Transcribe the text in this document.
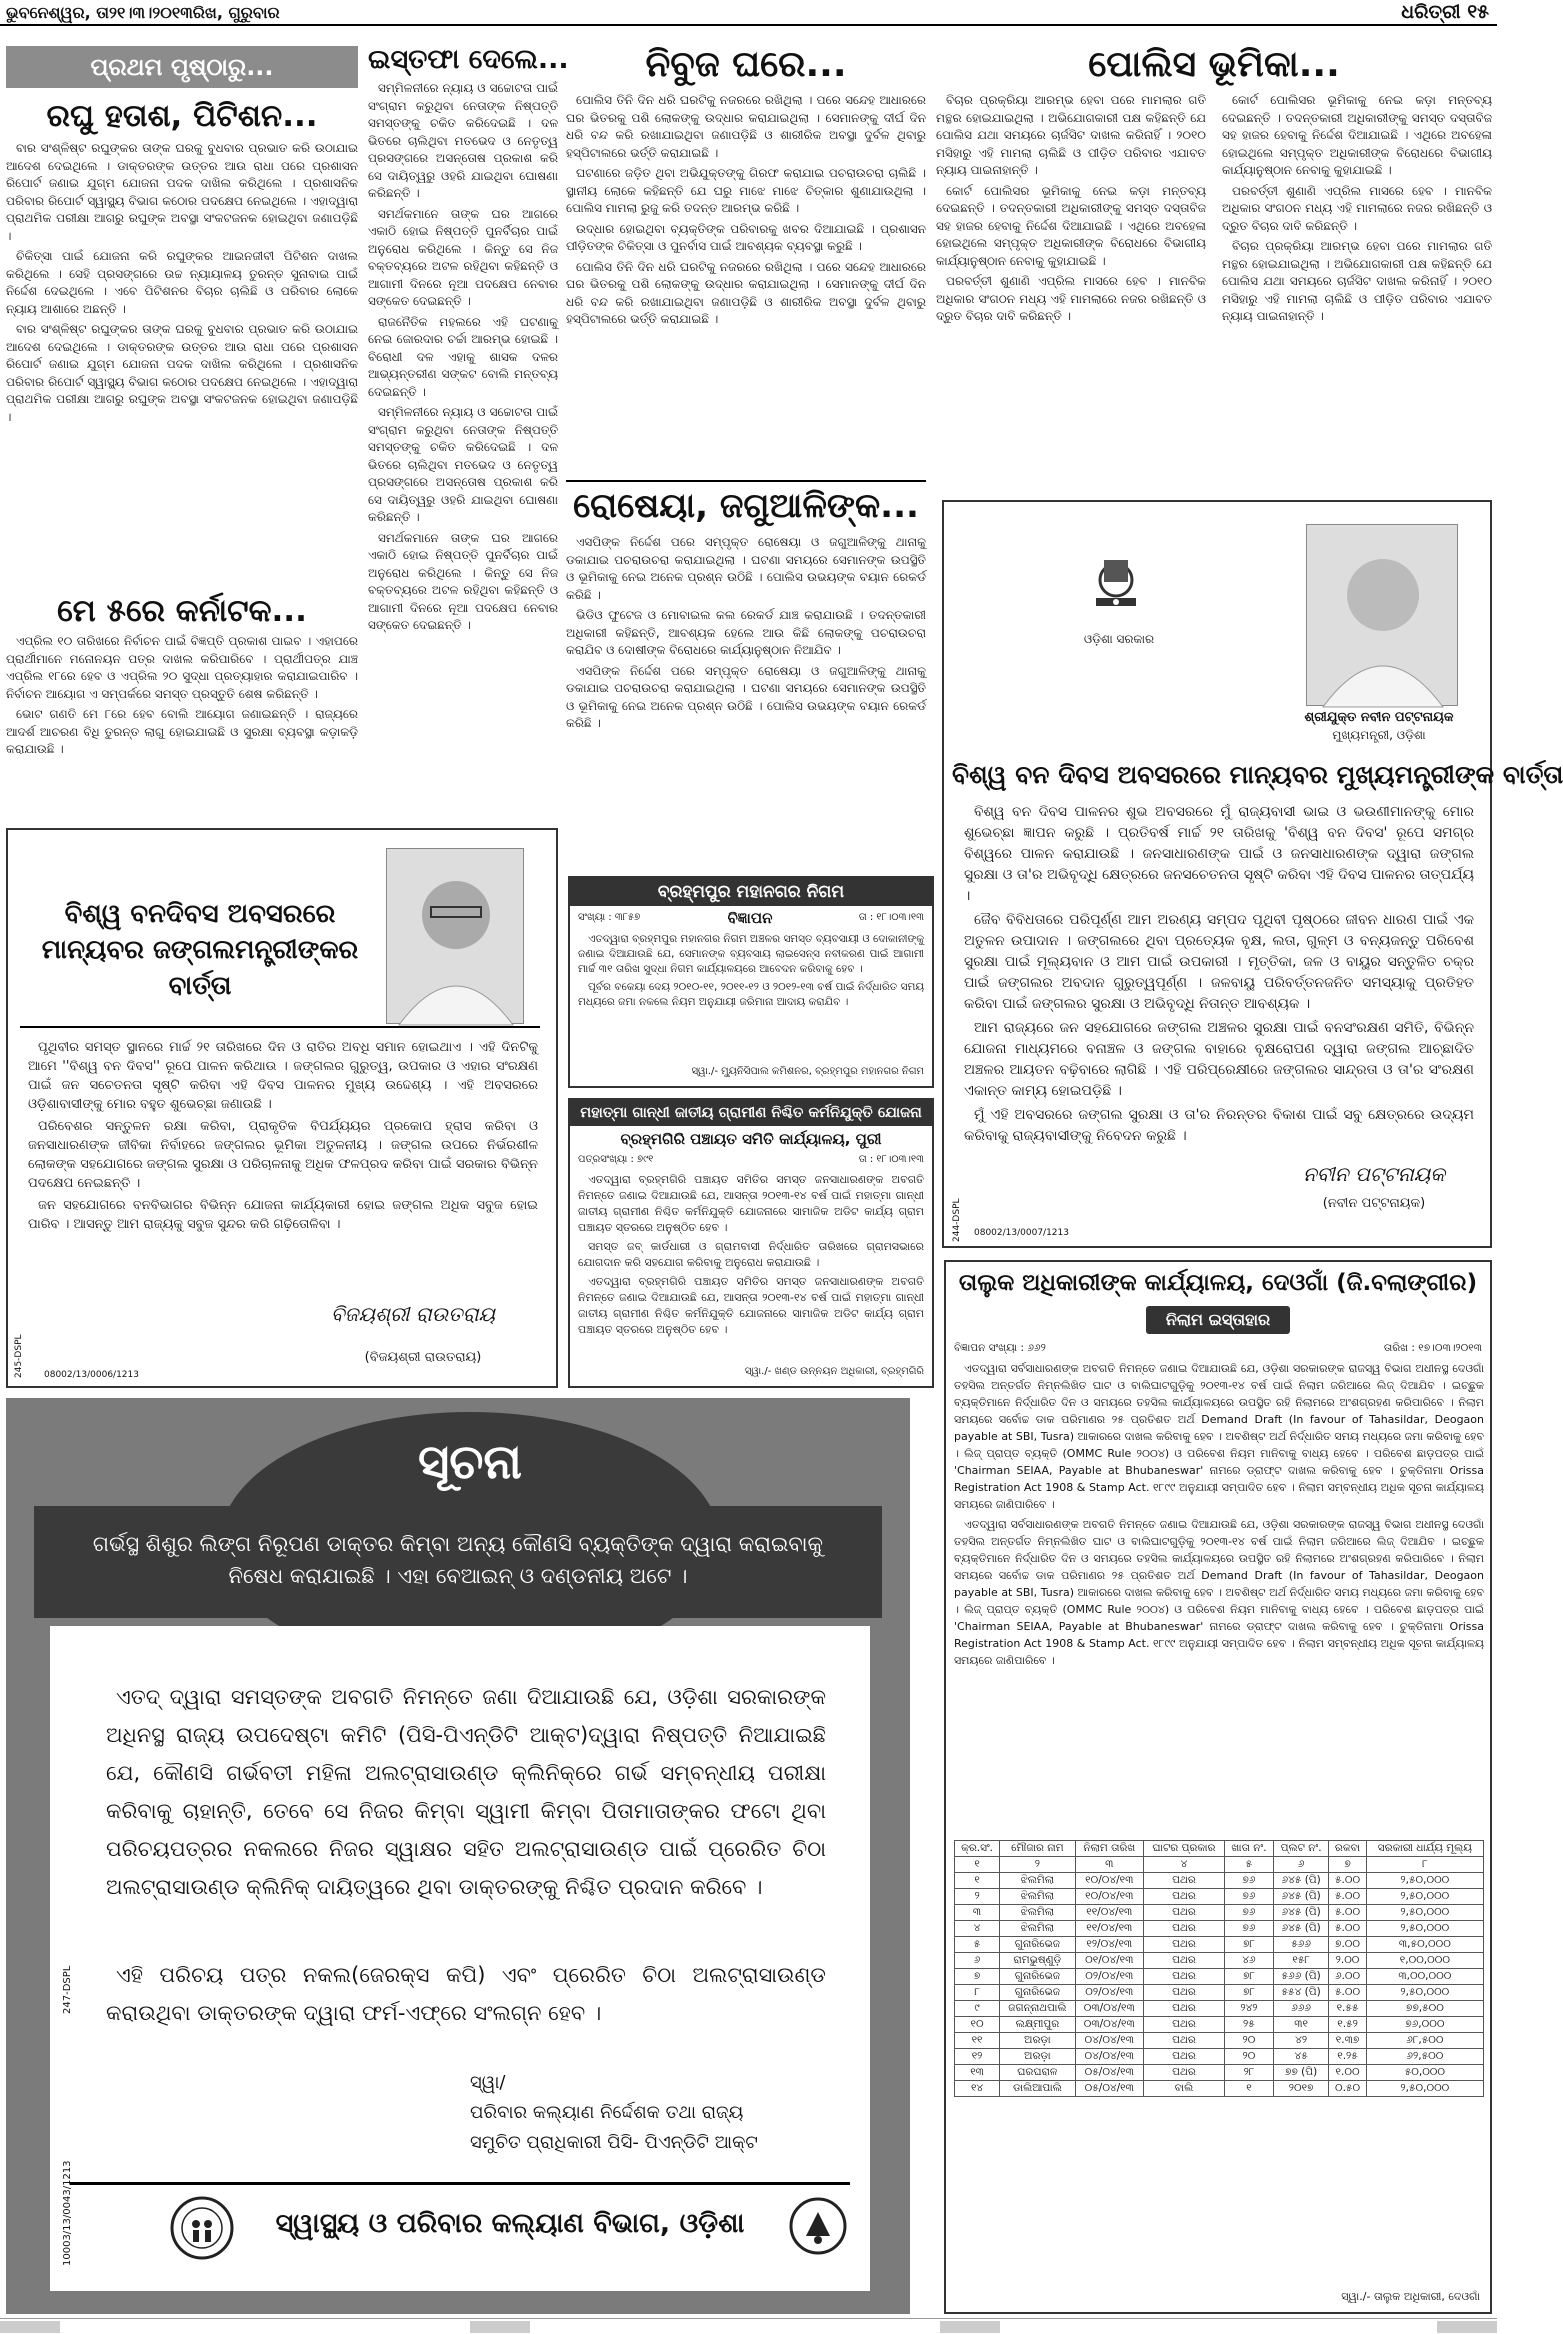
ଭୁବନେଶ୍ୱର, ତା୨୧।୩।୨୦୧୩ରିଖ, ଗୁରୁବାର	ଧରିତ୍ରୀ ୧୫
ପ୍ରଥମ ପୃଷ୍ଠାରୁ...
ରଘୁ ହତାଶ, ପିଟିଶନ...

ବାର ସଂଶ୍ଳିଷ୍ଟ ରଘୁଙ୍କର ତାଙ୍କ ଘରକୁ ବୁଧବାର ପ୍ରଭାତ କରି ଉଠାଯାଇ ଆଦେଶ ଦେଇଥିଲେ । ଡାକ୍ତରଙ୍କ ଉତ୍ତର ଆଉ ରାଧା ପରେ ପ୍ରଶାସନ ରିପୋର୍ଟ ଜଣାଇ ଯୁଗ୍ମ ଯୋଜନା ପଦକ ଦାଖିଲ କରିଥିଲେ । ପ୍ରଶାସନିକ ପରିବାର ରିପୋର୍ଟ ସ୍ୱାସ୍ଥ୍ୟ ବିଭାଗ କଠୋର ପଦକ୍ଷେପ ନେଇଥିଲେ । ଏହାଦ୍ୱାରା ପ୍ରାଥମିକ ପରୀକ୍ଷା ଆଗରୁ ରଘୁଙ୍କ ଅବସ୍ଥା ସଂକଟଜନକ ହୋଇଥିବା ଜଣାପଡ଼ିଛି ।

ଚିକିତ୍ସା ପାଇଁ ଯୋଜନା କରି ରଘୁଙ୍କର ଆଇନଜୀବୀ ପିଟିଶନ ଦାଖଲ କରିଥିଲେ । ସେହି ପ୍ରସଙ୍ଗରେ ଉଚ୍ଚ ନ୍ୟାୟାଳୟ ତୁରନ୍ତ ସୁନାବାଇ ପାଇଁ ନିର୍ଦ୍ଦେଶ ଦେଇଥିଲେ । ଏବେ ପିଟିଶନର ବିଚାର ଚାଲିଛି ଓ ପରିବାର ଲୋକେ ନ୍ୟାୟ ଆଶାରେ ଅଛନ୍ତି ।

ବାର ସଂଶ୍ଳିଷ୍ଟ ରଘୁଙ୍କର ତାଙ୍କ ଘରକୁ ବୁଧବାର ପ୍ରଭାତ କରି ଉଠାଯାଇ ଆଦେଶ ଦେଇଥିଲେ । ଡାକ୍ତରଙ୍କ ଉତ୍ତର ଆଉ ରାଧା ପରେ ପ୍ରଶାସନ ରିପୋର୍ଟ ଜଣାଇ ଯୁଗ୍ମ ଯୋଜନା ପଦକ ଦାଖିଲ କରିଥିଲେ । ପ୍ରଶାସନିକ ପରିବାର ରିପୋର୍ଟ ସ୍ୱାସ୍ଥ୍ୟ ବିଭାଗ କଠୋର ପଦକ୍ଷେପ ନେଇଥିଲେ । ଏହାଦ୍ୱାରା ପ୍ରାଥମିକ ପରୀକ୍ଷା ଆଗରୁ ରଘୁଙ୍କ ଅବସ୍ଥା ସଂକଟଜନକ ହୋଇଥିବା ଜଣାପଡ଼ିଛି ।

ମେ ୫ରେ କର୍ନାଟକ...

ଏପ୍ରିଲ ୧୦ ତାରିଖରେ ନିର୍ବାଚନ ପାଇଁ ବିଜ୍ଞପ୍ତି ପ୍ରକାଶ ପାଇବ । ଏହାପରେ ପ୍ରାର୍ଥୀମାନେ ମନୋନୟନ ପତ୍ର ଦାଖଲ କରିପାରିବେ । ପ୍ରାର୍ଥୀପତ୍ର ଯାଞ୍ଚ ଏପ୍ରିଲ ୧୮ରେ ହେବ ଓ ଏପ୍ରିଲ ୨୦ ସୁଦ୍ଧା ପ୍ରତ୍ୟାହାର କରାଯାଇପାରିବ । ନିର୍ବାଚନ ଆୟୋଗ ଏ ସମ୍ପର୍କରେ ସମସ୍ତ ପ୍ରସ୍ତୁତି ଶେଷ କରିଛନ୍ତି ।

ଭୋଟ ଗଣତି ମେ ୮ରେ ହେବ ବୋଲି ଆୟୋଗ ଜଣାଇଛନ୍ତି । ରାଜ୍ୟରେ ଆଦର୍ଶ ଆଚରଣ ବିଧି ତୁରନ୍ତ ଲାଗୁ ହୋଇଯାଇଛି ଓ ସୁରକ୍ଷା ବ୍ୟବସ୍ଥା କଡ଼ାକଡ଼ି କରାଯାଉଛି ।

ଇସ୍ତଫା ଦେଲେ...

ସମ୍ମିଳନୀରେ ନ୍ୟାୟ ଓ ସଚ୍ଚୋଟତା ପାଇଁ ସଂଗ୍ରାମ କରୁଥିବା ନେତାଙ୍କ ନିଷ୍ପତ୍ତି ସମସ୍ତଙ୍କୁ ଚକିତ କରିଦେଇଛି । ଦଳ ଭିତରେ ଚାଲିଥିବା ମତଭେଦ ଓ ନେତୃତ୍ୱ ପ୍ରସଙ୍ଗରେ ଅସନ୍ତୋଷ ପ୍ରକାଶ କରି ସେ ଦାୟିତ୍ୱରୁ ଓହରି ଯାଇଥିବା ଘୋଷଣା କରିଛନ୍ତି ।

ସମର୍ଥକମାନେ ତାଙ୍କ ଘର ଆଗରେ ଏକାଠି ହୋଇ ନିଷ୍ପତ୍ତି ପୁନର୍ବିଚାର ପାଇଁ ଅନୁରୋଧ କରିଥିଲେ । କିନ୍ତୁ ସେ ନିଜ ବକ୍ତବ୍ୟରେ ଅଟଳ ରହିଥିବା କହିଛନ୍ତି ଓ ଆଗାମୀ ଦିନରେ ନୂଆ ପଦକ୍ଷେପ ନେବାର ସଙ୍କେତ ଦେଇଛନ୍ତି ।

ରାଜନୈତିକ ମହଲରେ ଏହି ଘଟଣାକୁ ନେଇ ଜୋରଦାର ଚର୍ଚ୍ଚା ଆରମ୍ଭ ହୋଇଛି । ବିରୋଧୀ ଦଳ ଏହାକୁ ଶାସକ ଦଳର ଆଭ୍ୟନ୍ତରୀଣ ସଙ୍କଟ ବୋଲି ମନ୍ତବ୍ୟ ଦେଇଛନ୍ତି ।

ସମ୍ମିଳନୀରେ ନ୍ୟାୟ ଓ ସଚ୍ଚୋଟତା ପାଇଁ ସଂଗ୍ରାମ କରୁଥିବା ନେତାଙ୍କ ନିଷ୍ପତ୍ତି ସମସ୍ତଙ୍କୁ ଚକିତ କରିଦେଇଛି । ଦଳ ଭିତରେ ଚାଲିଥିବା ମତଭେଦ ଓ ନେତୃତ୍ୱ ପ୍ରସଙ୍ଗରେ ଅସନ୍ତୋଷ ପ୍ରକାଶ କରି ସେ ଦାୟିତ୍ୱରୁ ଓହରି ଯାଇଥିବା ଘୋଷଣା କରିଛନ୍ତି ।

ସମର୍ଥକମାନେ ତାଙ୍କ ଘର ଆଗରେ ଏକାଠି ହୋଇ ନିଷ୍ପତ୍ତି ପୁନର୍ବିଚାର ପାଇଁ ଅନୁରୋଧ କରିଥିଲେ । କିନ୍ତୁ ସେ ନିଜ ବକ୍ତବ୍ୟରେ ଅଟଳ ରହିଥିବା କହିଛନ୍ତି ଓ ଆଗାମୀ ଦିନରେ ନୂଆ ପଦକ୍ଷେପ ନେବାର ସଙ୍କେତ ଦେଇଛନ୍ତି ।

ନିବୁଜ ଘରେ...

ପୋଲିସ ତିନି ଦିନ ଧରି ଘରଟିକୁ ନଜରରେ ରଖିଥିଲା । ପରେ ସନ୍ଦେହ ଆଧାରରେ ଘର ଭିତରକୁ ପଶି ଲୋକଙ୍କୁ ଉଦ୍ଧାର କରାଯାଇଥିଲା । ସେମାନଙ୍କୁ ଦୀର୍ଘ ଦିନ ଧରି ବନ୍ଦ କରି ରଖାଯାଇଥିବା ଜଣାପଡ଼ିଛି ଓ ଶାରୀରିକ ଅବସ୍ଥା ଦୁର୍ବଳ ଥିବାରୁ ହସ୍ପିଟାଲରେ ଭର୍ତ୍ତି କରାଯାଇଛି ।

ଘଟଣାରେ ଜଡ଼ିତ ଥିବା ଅଭିଯୁକ୍ତଙ୍କୁ ଗିରଫ କରାଯାଇ ପଚରାଉଚରା ଚାଲିଛି । ସ୍ଥାନୀୟ ଲୋକେ କହିଛନ୍ତି ଯେ ଘରୁ ମାଝେ ମାଝେ ଚିତ୍କାର ଶୁଣାଯାଉଥିଲା । ପୋଲିସ ମାମଲା ରୁଜୁ କରି ତଦନ୍ତ ଆରମ୍ଭ କରିଛି ।

ଉଦ୍ଧାର ହୋଇଥିବା ବ୍ୟକ୍ତିଙ୍କ ପରିବାରକୁ ଖବର ଦିଆଯାଇଛି । ପ୍ରଶାସନ ପୀଡ଼ିତଙ୍କ ଚିକିତ୍ସା ଓ ପୁନର୍ବାସ ପାଇଁ ଆବଶ୍ୟକ ବ୍ୟବସ୍ଥା କରୁଛି ।

ପୋଲିସ ତିନି ଦିନ ଧରି ଘରଟିକୁ ନଜରରେ ରଖିଥିଲା । ପରେ ସନ୍ଦେହ ଆଧାରରେ ଘର ଭିତରକୁ ପଶି ଲୋକଙ୍କୁ ଉଦ୍ଧାର କରାଯାଇଥିଲା । ସେମାନଙ୍କୁ ଦୀର୍ଘ ଦିନ ଧରି ବନ୍ଦ କରି ରଖାଯାଇଥିବା ଜଣାପଡ଼ିଛି ଓ ଶାରୀରିକ ଅବସ୍ଥା ଦୁର୍ବଳ ଥିବାରୁ ହସ୍ପିଟାଲରେ ଭର୍ତ୍ତି କରାଯାଇଛି ।

ରୋଷେୟା, ଜଗୁଆଳିଙ୍କ...

ଏସପିଙ୍କ ନିର୍ଦ୍ଦେଶ ପରେ ସମ୍ପୃକ୍ତ ରୋଷେୟା ଓ ଜଗୁଆଳିଙ୍କୁ ଥାନାକୁ ଡକାଯାଇ ପଚରାଉଚରା କରାଯାଇଥିଲା । ଘଟଣା ସମୟରେ ସେମାନଙ୍କ ଉପସ୍ଥିତି ଓ ଭୂମିକାକୁ ନେଇ ଅନେକ ପ୍ରଶ୍ନ ଉଠିଛି । ପୋଲିସ ଉଭୟଙ୍କ ବୟାନ ରେକର୍ଡ କରିଛି ।

ଭିଡିଓ ଫୁଟେଜ ଓ ମୋବାଇଲ କଲ ରେକର୍ଡ ଯାଞ୍ଚ କରାଯାଉଛି । ତଦନ୍ତକାରୀ ଅଧିକାରୀ କହିଛନ୍ତି, ଆବଶ୍ୟକ ହେଲେ ଆଉ କିଛି ଲୋକଙ୍କୁ ପଚରାଉଚରା କରାଯିବ ଓ ଦୋଷୀଙ୍କ ବିରୋଧରେ କାର୍ଯ୍ୟାନୁଷ୍ଠାନ ନିଆଯିବ ।

ଏସପିଙ୍କ ନିର୍ଦ୍ଦେଶ ପରେ ସମ୍ପୃକ୍ତ ରୋଷେୟା ଓ ଜଗୁଆଳିଙ୍କୁ ଥାନାକୁ ଡକାଯାଇ ପଚରାଉଚରା କରାଯାଇଥିଲା । ଘଟଣା ସମୟରେ ସେମାନଙ୍କ ଉପସ୍ଥିତି ଓ ଭୂମିକାକୁ ନେଇ ଅନେକ ପ୍ରଶ୍ନ ଉଠିଛି । ପୋଲିସ ଉଭୟଙ୍କ ବୟାନ ରେକର୍ଡ କରିଛି ।

ପୋଲିସ ଭୂମିକା...

ବିଚାର ପ୍ରକ୍ରିୟା ଆରମ୍ଭ ହେବା ପରେ ମାମଲାର ଗତି ମନ୍ଥର ହୋଇଯାଇଥିଲା । ଅଭିଯୋଗକାରୀ ପକ୍ଷ କହିଛନ୍ତି ଯେ ପୋଲିସ ଯଥା ସମୟରେ ଚାର୍ଜସିଟ ଦାଖଲ କରିନାହିଁ । ୨୦୧୦ ମସିହାରୁ ଏହି ମାମଲା ଚାଲିଛି ଓ ପୀଡ଼ିତ ପରିବାର ଏଯାବତ ନ୍ୟାୟ ପାଇନାହାନ୍ତି ।

କୋର୍ଟ ପୋଲିସର ଭୂମିକାକୁ ନେଇ କଡ଼ା ମନ୍ତବ୍ୟ ଦେଇଛନ୍ତି । ତଦନ୍ତକାରୀ ଅଧିକାରୀଙ୍କୁ ସମସ୍ତ ଦସ୍ତାବିଜ ସହ ହାଜର ହେବାକୁ ନିର୍ଦ୍ଦେଶ ଦିଆଯାଇଛି । ଏଥିରେ ଅବହେଳା ହୋଇଥିଲେ ସମ୍ପୃକ୍ତ ଅଧିକାରୀଙ୍କ ବିରୋଧରେ ବିଭାଗୀୟ କାର୍ଯ୍ୟାନୁଷ୍ଠାନ ନେବାକୁ କୁହାଯାଇଛି ।

ପରବର୍ତ୍ତୀ ଶୁଣାଣି ଏପ୍ରିଲ ମାସରେ ହେବ । ମାନବିକ ଅଧିକାର ସଂଗଠନ ମଧ୍ୟ ଏହି ମାମଲାରେ ନଜର ରଖିଛନ୍ତି ଓ ଦ୍ରୁତ ବିଚାର ଦାବି କରିଛନ୍ତି ।

କୋର୍ଟ ପୋଲିସର ଭୂମିକାକୁ ନେଇ କଡ଼ା ମନ୍ତବ୍ୟ ଦେଇଛନ୍ତି । ତଦନ୍ତକାରୀ ଅଧିକାରୀଙ୍କୁ ସମସ୍ତ ଦସ୍ତାବିଜ ସହ ହାଜର ହେବାକୁ ନିର୍ଦ୍ଦେଶ ଦିଆଯାଇଛି । ଏଥିରେ ଅବହେଳା ହୋଇଥିଲେ ସମ୍ପୃକ୍ତ ଅଧିକାରୀଙ୍କ ବିରୋଧରେ ବିଭାଗୀୟ କାର୍ଯ୍ୟାନୁଷ୍ଠାନ ନେବାକୁ କୁହାଯାଇଛି ।

ପରବର୍ତ୍ତୀ ଶୁଣାଣି ଏପ୍ରିଲ ମାସରେ ହେବ । ମାନବିକ ଅଧିକାର ସଂଗଠନ ମଧ୍ୟ ଏହି ମାମଲାରେ ନଜର ରଖିଛନ୍ତି ଓ ଦ୍ରୁତ ବିଚାର ଦାବି କରିଛନ୍ତି ।

ବିଚାର ପ୍ରକ୍ରିୟା ଆରମ୍ଭ ହେବା ପରେ ମାମଲାର ଗତି ମନ୍ଥର ହୋଇଯାଇଥିଲା । ଅଭିଯୋଗକାରୀ ପକ୍ଷ କହିଛନ୍ତି ଯେ ପୋଲିସ ଯଥା ସମୟରେ ଚାର୍ଜସିଟ ଦାଖଲ କରିନାହିଁ । ୨୦୧୦ ମସିହାରୁ ଏହି ମାମଲା ଚାଲିଛି ଓ ପୀଡ଼ିତ ପରିବାର ଏଯାବତ ନ୍ୟାୟ ପାଇନାହାନ୍ତି ।

ଓଡ଼ିଶା ସରକାର
ଶ୍ରୀଯୁକ୍ତ ନବୀନ ପଟ୍ଟନାୟକ
ମୁଖ୍ୟମନ୍ତ୍ରୀ, ଓଡ଼ିଶା
ବିଶ୍ୱ ବନ ଦିବସ ଅବସରରେ ମାନ୍ୟବର ମୁଖ୍ୟମନ୍ତ୍ରୀଙ୍କ ବାର୍ତ୍ତା

ବିଶ୍ୱ ବନ ଦିବସ ପାଳନର ଶୁଭ ଅବସରରେ ମୁଁ ରାଜ୍ୟବାସୀ ଭାଇ ଓ ଭଉଣୀମାନଙ୍କୁ ମୋର ଶୁଭେଚ୍ଛା ଜ୍ଞାପନ କରୁଛି । ପ୍ରତିବର୍ଷ ମାର୍ଚ୍ଚ ୨୧ ତାରିଖକୁ 'ବିଶ୍ୱ ବନ ଦିବସ' ରୂପେ ସମଗ୍ର ବିଶ୍ୱରେ ପାଳନ କରାଯାଉଛି । ଜନସାଧାରଣଙ୍କ ପାଇଁ ଓ ଜନସାଧାରଣଙ୍କ ଦ୍ୱାରା ଜଙ୍ଗଲ ସୁରକ୍ଷା ଓ ତା'ର ଅଭିବୃଦ୍ଧି କ୍ଷେତ୍ରରେ ଜନସଚେତନତା ସୃଷ୍ଟି କରିବା ଏହି ଦିବସ ପାଳନର ତାତ୍ପର୍ଯ୍ୟ ।

ଜୈବ ବିବିଧତାରେ ପରିପୂର୍ଣ୍ଣ ଆମ ଅରଣ୍ୟ ସମ୍ପଦ ପୃଥିବୀ ପୃଷ୍ଠରେ ଜୀବନ ଧାରଣ ପାଇଁ ଏକ ଅତୁଳନ ଉପାଦାନ । ଜଙ୍ଗଲରେ ଥିବା ପ୍ରତ୍ୟେକ ବୃକ୍ଷ, ଲତା, ଗୁଳ୍ମ ଓ ବନ୍ୟଜନ୍ତୁ ପରିବେଶ ସୁରକ୍ଷା ପାଇଁ ମୂଲ୍ୟବାନ ଓ ଆମ ପାଇଁ ଉପକାରୀ । ମୃତ୍ତିକା, ଜଳ ଓ ବାୟୁର ସନ୍ତୁଳିତ ଚକ୍ର ପାଇଁ ଜଙ୍ଗଲର ଅବଦାନ ଗୁରୁତ୍ୱପୂର୍ଣ୍ଣ । ଜଳବାୟୁ ପରିବର୍ତ୍ତନଜନିତ ସମସ୍ୟାକୁ ପ୍ରତିହତ କରିବା ପାଇଁ ଜଙ୍ଗଲର ସୁରକ୍ଷା ଓ ଅଭିବୃଦ୍ଧି ନିତାନ୍ତ ଆବଶ୍ୟକ ।

ଆମ ରାଜ୍ୟରେ ଜନ ସହଯୋଗରେ ଜଙ୍ଗଲ ଅଞ୍ଚଳର ସୁରକ୍ଷା ପାଇଁ ବନସଂରକ୍ଷଣ ସମିତି, ବିଭିନ୍ନ ଯୋଜନା ମାଧ୍ୟମରେ ବନାଞ୍ଚଳ ଓ ଜଙ୍ଗଲ ବାହାରେ ବୃକ୍ଷରୋପଣ ଦ୍ୱାରା ଜଙ୍ଗଲ ଆଚ୍ଛାଦିତ ଅଞ୍ଚଳର ଆୟତନ ବଢ଼ିବାରେ ଲାଗିଛି । ଏହି ପରିପ୍ରେକ୍ଷୀରେ ଜଙ୍ଗଲର ସାନ୍ଦ୍ରତା ଓ ତା'ର ସଂରକ୍ଷଣ ଏକାନ୍ତ କାମ୍ୟ ହୋଇପଡ଼ିଛି ।

ମୁଁ ଏହି ଅବସରରେ ଜଙ୍ଗଲ ସୁରକ୍ଷା ଓ ତା'ର ନିରନ୍ତର ବିକାଶ ପାଇଁ ସବୁ କ୍ଷେତ୍ରରେ ଉଦ୍ୟମ କରିବାକୁ ରାଜ୍ୟବାସୀଙ୍କୁ ନିବେଦନ କରୁଛି ।

ନବୀନ ପଟ୍ଟନାୟକ
(ନବୀନ ପଟ୍ଟନାୟକ)
08002/13/0007/1213
244-DSPL
ବିଶ୍ୱ ବନଦିବସ ଅବସରରେ ମାନ୍ୟବର ଜଙ୍ଗଲମନ୍ତ୍ରୀଙ୍କର ବାର୍ତ୍ତା

ପୃଥିବୀର ସମସ୍ତ ସ୍ଥାନରେ ମାର୍ଚ୍ଚ ୨୧ ତାରିଖରେ ଦିନ ଓ ରାତିର ଅବଧି ସମାନ ହୋଇଥାଏ । ଏହି ଦିନଟିକୁ ଆମେ ''ବିଶ୍ୱ ବନ ଦିବସ'' ରୂପେ ପାଳନ କରିଥାଉ । ଜଙ୍ଗଲର ଗୁରୁତ୍ୱ, ଉପକାର ଓ ଏହାର ସଂରକ୍ଷଣ ପାଇଁ ଜନ ସଚେତନତା ସୃଷ୍ଟି କରିବା ଏହି ଦିବସ ପାଳନର ମୁଖ୍ୟ ଉଦ୍ଦେଶ୍ୟ । ଏହି ଅବସରରେ ଓଡ଼ିଶାବାସୀଙ୍କୁ ମୋର ବହୁତ ଶୁଭେଚ୍ଛା ଜଣାଉଛି ।

ପରିବେଶର ସନ୍ତୁଳନ ରକ୍ଷା କରିବା, ପ୍ରାକୃତିକ ବିପର୍ଯ୍ୟୟର ପ୍ରକୋପ ହ୍ରାସ କରିବା ଓ ଜନସାଧାରଣଙ୍କ ଜୀବିକା ନିର୍ବାହରେ ଜଙ୍ଗଲର ଭୂମିକା ଅତୁଳନୀୟ । ଜଙ୍ଗଲ ଉପରେ ନିର୍ଭରଶୀଳ ଲୋକଙ୍କ ସହଯୋଗରେ ଜଙ୍ଗଲ ସୁରକ୍ଷା ଓ ପରିଚାଳନାକୁ ଅଧିକ ଫଳପ୍ରଦ କରିବା ପାଇଁ ସରକାର ବିଭିନ୍ନ ପଦକ୍ଷେପ ନେଇଛନ୍ତି ।

ଜନ ସହଯୋଗରେ ବନବିଭାଗର ବିଭିନ୍ନ ଯୋଜନା କାର୍ଯ୍ୟକାରୀ ହୋଇ ଜଙ୍ଗଲ ଅଧିକ ସବୁଜ ହୋଇ ପାରିବ । ଆସନ୍ତୁ ଆମ ରାଜ୍ୟକୁ ସବୁଜ ସୁନ୍ଦର କରି ଗଢ଼ିତୋଳିବା ।

ବିଜୟଶ୍ରୀ ରାଉତରାୟ
(ବିଜୟଶ୍ରୀ ରାଉତରାୟ)
08002/13/0006/1213
245-DSPL
ବ୍ରହ୍ମପୁର ମହାନଗର ନିଗମ
ସଂଖ୍ୟା : ୩୮୫୭	ବିଜ୍ଞାପନ	ତା : ୧୮।୦୩।୧୩

ଏତଦ୍ୱାରା ବ୍ରହ୍ମପୁର ମହାନଗର ନିଗମ ଅଞ୍ଚଳର ସମସ୍ତ ବ୍ୟବସାୟୀ ଓ ଦୋକାନୀଙ୍କୁ ଜଣାଇ ଦିଆଯାଉଛି ଯେ, ସେମାନଙ୍କ ବ୍ୟବସାୟ ଲାଇସେନ୍ସ ନବୀକରଣ ପାଇଁ ଆଗାମୀ ମାର୍ଚ୍ଚ ୩୧ ତାରିଖ ସୁଦ୍ଧା ନିଗମ କାର୍ଯ୍ୟାଳୟରେ ଆବେଦନ କରିବାକୁ ହେବ ।

ପୂର୍ବର ବକେୟା ଦେୟ ୨୦୧୦-୧୧, ୨୦୧୧-୧୨ ଓ ୨୦୧୨-୧୩ ବର୍ଷ ପାଇଁ ନିର୍ଦ୍ଧାରିତ ସମୟ ମଧ୍ୟରେ ଜମା ନକଲେ ନିୟମ ଅନୁଯାୟୀ ଜରିମାନା ଆଦାୟ କରାଯିବ ।

ସ୍ୱା./- ମ୍ୟୁନିସିପାଲ କମିଶନର, ବ୍ରହ୍ମପୁର ମହାନଗର ନିଗମ
ମହାତ୍ମା ଗାନ୍ଧୀ ଜାତୀୟ ଗ୍ରାମୀଣ ନିଶ୍ଚିତ କର୍ମନିଯୁକ୍ତି ଯୋଜନା
ବ୍ରହ୍ମଗିରି ପଞ୍ଚାୟତ ସମିତି କାର୍ଯ୍ୟାଳୟ, ପୁରୀ
ପତ୍ରସଂଖ୍ୟା : ୭୯୧	ତା : ୧୮।୦୩।୧୩

ଏତଦ୍ୱାରା ବ୍ରହ୍ମଗିରି ପଞ୍ଚାୟତ ସମିତିର ସମସ୍ତ ଜନସାଧାରଣଙ୍କ ଅବଗତି ନିମନ୍ତେ ଜଣାଇ ଦିଆଯାଉଛି ଯେ, ଆସନ୍ତା ୨୦୧୩-୧୪ ବର୍ଷ ପାଇଁ ମହାତ୍ମା ଗାନ୍ଧୀ ଜାତୀୟ ଗ୍ରାମୀଣ ନିଶ୍ଚିତ କର୍ମନିଯୁକ୍ତି ଯୋଜନାରେ ସାମାଜିକ ଅଡିଟ କାର୍ଯ୍ୟ ଗ୍ରାମ ପଞ୍ଚାୟତ ସ୍ତରରେ ଅନୁଷ୍ଠିତ ହେବ ।

ସମସ୍ତ ଜବ୍ କାର୍ଡଧାରୀ ଓ ଗ୍ରାମବାସୀ ନିର୍ଦ୍ଧାରିତ ତାରିଖରେ ଗ୍ରାମସଭାରେ ଯୋଗଦାନ କରି ସହଯୋଗ କରିବାକୁ ଅନୁରୋଧ କରାଯାଉଛି ।

ଏତଦ୍ୱାରା ବ୍ରହ୍ମଗିରି ପଞ୍ଚାୟତ ସମିତିର ସମସ୍ତ ଜନସାଧାରଣଙ୍କ ଅବଗତି ନିମନ୍ତେ ଜଣାଇ ଦିଆଯାଉଛି ଯେ, ଆସନ୍ତା ୨୦୧୩-୧୪ ବର୍ଷ ପାଇଁ ମହାତ୍ମା ଗାନ୍ଧୀ ଜାତୀୟ ଗ୍ରାମୀଣ ନିଶ୍ଚିତ କର୍ମନିଯୁକ୍ତି ଯୋଜନାରେ ସାମାଜିକ ଅଡିଟ କାର୍ଯ୍ୟ ଗ୍ରାମ ପଞ୍ଚାୟତ ସ୍ତରରେ ଅନୁଷ୍ଠିତ ହେବ ।

ସ୍ୱା./- ଖଣ୍ଡ ଉନ୍ନୟନ ଅଧିକାରୀ, ବ୍ରହ୍ମଗିରି
ସୂଚନା
ଗର୍ଭସ୍ଥ ଶିଶୁର ଲିଙ୍ଗ ନିରୂପଣ ଡାକ୍ତର କିମ୍ବା ଅନ୍ୟ କୌଣସି ବ୍ୟକ୍ତିଙ୍କ ଦ୍ୱାରା କରାଇବାକୁ ନିଷେଧ କରାଯାଇଛି । ଏହା ବେଆଇନ୍ ଓ ଦଣ୍ଡନୀୟ ଅଟେ ।

ଏତଦ୍ ଦ୍ୱାରା ସମସ୍ତଙ୍କ ଅବଗତି ନିମନ୍ତେ ଜଣା ଦିଆଯାଉଛି ଯେ, ଓଡ଼ିଶା ସରକାରଙ୍କ ଅଧିନସ୍ଥ ରାଜ୍ୟ ଉପଦେଷ୍ଟା କମିଟି (ପିସି-ପିଏନ୍‌ଡିଟି ଆକ୍ଟ)ଦ୍ୱାରା ନିଷ୍ପତ୍ତି ନିଆଯାଇଛି ଯେ, କୌଣସି ଗର୍ଭବତୀ ମହିଳା ଅଲଟ୍ରାସାଉଣ୍ଡ କ୍ଲିନିକ୍‌ରେ ଗର୍ଭ ସମ୍ବନ୍ଧୀୟ ପରୀକ୍ଷା କରିବାକୁ ଚାହାନ୍ତି, ତେବେ ସେ ନିଜର କିମ୍ବା ସ୍ୱାମୀ କିମ୍ବା ପିତାମାତାଙ୍କର ଫଟୋ ଥିବା ପରିଚୟପତ୍ରର ନକଲରେ ନିଜର ସ୍ୱାକ୍ଷର ସହିତ ଅଲଟ୍ରାସାଉଣ୍ଡ ପାଇଁ ପ୍ରେରିତ ଚିଠା ଅଲଟ୍ରାସାଉଣ୍ଡ କ୍ଲିନିକ୍ ଦାୟିତ୍ୱରେ ଥିବା ଡାକ୍ତରଙ୍କୁ ନିଶ୍ଚିତ ପ୍ରଦାନ କରିବେ ।

ଏହି ପରିଚୟ ପତ୍ର ନକଲ(ଜେରକ୍ସ କପି) ଏବଂ ପ୍ରେରିତ ଚିଠା ଅଲଟ୍ରାସାଉଣ୍ଡ କରାଉଥିବା ଡାକ୍ତରଙ୍କ ଦ୍ୱାରା ଫର୍ମ-ଏଫ୍‌ରେ ସଂଲଗ୍ନ ହେବ ।

ସ୍ୱା/
ପରିବାର କଲ୍ୟାଣ ନିର୍ଦ୍ଦେଶକ ତଥା ରାଜ୍ୟ
ସମୁଚିତ ପ୍ରାଧିକାରୀ ପିସି- ପିଏନ୍‌ଡିଟି ଆକ୍ଟ
ସ୍ୱାସ୍ଥ୍ୟ ଓ ପରିବାର କଲ୍ୟାଣ ବିଭାଗ, ଓଡ଼ିଶା
247-DSPL
10003/13/0043/1213
ତାଲୁକ ଅଧିକାରୀଙ୍କ କାର୍ଯ୍ୟାଳୟ, ଦେଓଗାଁ (ଜି.ବଲାଙ୍ଗୀର)
ନିଲାମ ଇସ୍ତାହାର
ବିଜ୍ଞାପନ ସଂଖ୍ୟା : ୬୬୨	ତାରିଖ : ୧୭।୦୩।୨୦୧୩

ଏତଦ୍ୱାରା ସର୍ବସାଧାରଣଙ୍କ ଅବଗତି ନିମନ୍ତେ ଜଣାଇ ଦିଆଯାଉଛି ଯେ, ଓଡ଼ିଶା ସରକାରଙ୍କ ରାଜସ୍ୱ ବିଭାଗ ଅଧୀନସ୍ଥ ଦେଓଗାଁ ତହସିଲ ଅନ୍ତର୍ଗତ ନିମ୍ନଲିଖିତ ଘାଟ ଓ ବାଲିଘାଟଗୁଡ଼ିକୁ ୨୦୧୩-୧୪ ବର୍ଷ ପାଇଁ ନିଲାମ ଜରିଆରେ ଲିଜ୍ ଦିଆଯିବ । ଇଚ୍ଛୁକ ବ୍ୟକ୍ତିମାନେ ନିର୍ଦ୍ଧାରିତ ଦିନ ଓ ସମୟରେ ତହସିଲ କାର୍ଯ୍ୟାଳୟରେ ଉପସ୍ଥିତ ରହି ନିଲାମରେ ଅଂଶଗ୍ରହଣ କରିପାରିବେ । ନିଲାମ ସମୟରେ ସର୍ବୋଚ୍ଚ ଡାକ ପରିମାଣର ୨୫ ପ୍ରତିଶତ ଅର୍ଥ Demand Draft (In favour of Tahasildar, Deogaon payable at SBI, Tusra) ଆକାରରେ ଦାଖଲ କରିବାକୁ ହେବ । ଅବଶିଷ୍ଟ ଅର୍ଥ ନିର୍ଦ୍ଧାରିତ ସମୟ ମଧ୍ୟରେ ଜମା କରିବାକୁ ହେବ । ଲିଜ୍ ପ୍ରାପ୍ତ ବ୍ୟକ୍ତି (OMMC Rule ୨୦୦୪) ଓ ପରିବେଶ ନିୟମ ମାନିବାକୁ ବାଧ୍ୟ ହେବେ । ପରିବେଶ ଛାଡ଼ପତ୍ର ପାଇଁ 'Chairman SEIAA, Payable at Bhubaneswar' ନାମରେ ଡ୍ରାଫ୍ଟ ଦାଖଲ କରିବାକୁ ହେବ । ଚୁକ୍ତିନାମା Orissa Registration Act 1908 & Stamp Act. ୧୮୯୯ ଅନୁଯାୟୀ ସମ୍ପାଦିତ ହେବ । ନିଲାମ ସମ୍ବନ୍ଧୀୟ ଅଧିକ ସୂଚନା କାର୍ଯ୍ୟାଳୟ ସମୟରେ ଜାଣିପାରିବେ ।

ଏତଦ୍ୱାରା ସର୍ବସାଧାରଣଙ୍କ ଅବଗତି ନିମନ୍ତେ ଜଣାଇ ଦିଆଯାଉଛି ଯେ, ଓଡ଼ିଶା ସରକାରଙ୍କ ରାଜସ୍ୱ ବିଭାଗ ଅଧୀନସ୍ଥ ଦେଓଗାଁ ତହସିଲ ଅନ୍ତର୍ଗତ ନିମ୍ନଲିଖିତ ଘାଟ ଓ ବାଲିଘାଟଗୁଡ଼ିକୁ ୨୦୧୩-୧୪ ବର୍ଷ ପାଇଁ ନିଲାମ ଜରିଆରେ ଲିଜ୍ ଦିଆଯିବ । ଇଚ୍ଛୁକ ବ୍ୟକ୍ତିମାନେ ନିର୍ଦ୍ଧାରିତ ଦିନ ଓ ସମୟରେ ତହସିଲ କାର୍ଯ୍ୟାଳୟରେ ଉପସ୍ଥିତ ରହି ନିଲାମରେ ଅଂଶଗ୍ରହଣ କରିପାରିବେ । ନିଲାମ ସମୟରେ ସର୍ବୋଚ୍ଚ ଡାକ ପରିମାଣର ୨୫ ପ୍ରତିଶତ ଅର୍ଥ Demand Draft (In favour of Tahasildar, Deogaon payable at SBI, Tusra) ଆକାରରେ ଦାଖଲ କରିବାକୁ ହେବ । ଅବଶିଷ୍ଟ ଅର୍ଥ ନିର୍ଦ୍ଧାରିତ ସମୟ ମଧ୍ୟରେ ଜମା କରିବାକୁ ହେବ । ଲିଜ୍ ପ୍ରାପ୍ତ ବ୍ୟକ୍ତି (OMMC Rule ୨୦୦୪) ଓ ପରିବେଶ ନିୟମ ମାନିବାକୁ ବାଧ୍ୟ ହେବେ । ପରିବେଶ ଛାଡ଼ପତ୍ର ପାଇଁ 'Chairman SEIAA, Payable at Bhubaneswar' ନାମରେ ଡ୍ରାଫ୍ଟ ଦାଖଲ କରିବାକୁ ହେବ । ଚୁକ୍ତିନାମା Orissa Registration Act 1908 & Stamp Act. ୧୮୯୯ ଅନୁଯାୟୀ ସମ୍ପାଦିତ ହେବ । ନିଲାମ ସମ୍ବନ୍ଧୀୟ ଅଧିକ ସୂଚନା କାର୍ଯ୍ୟାଳୟ ସମୟରେ ଜାଣିପାରିବେ ।

କ୍ର.ସଂ.	ମୌଜାର ନାମ	ନିଲାମ ତାରିଖ	ଘାଟର ପ୍ରକାର	ଖାତା ନଂ.	ପ୍ଲଟ ନଂ.	ରକବା	ସରକାରୀ ଧାର୍ଯ୍ୟ ମୂଲ୍ୟ
୧	୨	୩	୪	୫	୬	୭	୮
୧	ଝିଲମିଲା	୧୦/୦୪/୧୩	ପଥର	୭୬	୬୪୫ (ପି)	୫.୦୦	୨,୫୦,୦୦୦
୨	ଝିଲମିଲା	୧୦/୦୪/୧୩	ପଥର	୭୬	୬୪୫ (ପି)	୫.୦୦	୨,୫୦,୦୦୦
୩	ଝିଲମିଲା	୧୧/୦୪/୧୩	ପଥର	୭୬	୬୪୫ (ପି)	୫.୦୦	୨,୫୦,୦୦୦
୪	ଝିଲମିଲା	୧୧/୦୪/୧୩	ପଥର	୭୬	୬୪୫ (ପି)	୫.୦୦	୨,୫୦,୦୦୦
୫	ଗୁନାରିଭେଜ	୧୨/୦୪/୧୩	ପଥର	୭୮	୫୬୬	୭.୦୦	୩,୫୦,୦୦୦
୬	ରାମଭୁଷ୍ଣୁଡ଼ି	୦୧/୦୪/୧୩	ପଥର	୪୬	୧୫୮	୨.୦୦	୧,୦୦,୦୦୦
୭	ଗୁନାରିଭେଜ	୦୨/୦୪/୧୩	ପଥର	୭୮	୫୬୬ (ପି)	୬.୦୦	୩,୦୦,୦୦୦
୮	ଗୁନାରିଭେଜ	୦୨/୦୪/୧୩	ପଥର	୭୮	୫୫୪ (ପି)	୫.୦୦	୨,୫୦,୦୦୦
୯	ଜଗନ୍ନାଥପାଲି	୦୩/୦୪/୧୩	ପଥର	୨୪୨	୬୬୬	୧.୫୫	୭୭,୫୦୦
୧୦	ଲକ୍ଷ୍ମୀପୁର	୦୩/୦୪/୧୩	ପଥର	୨୫	୩୧	୧.୫୨	୭୬,୦୦୦
୧୧	ଅରଡ଼ା	୦୪/୦୪/୧୩	ପଥର	୨୦	୪୨	୧.୩୭	୬୮,୫୦୦
୧୨	ଅରଡ଼ା	୦୪/୦୪/୧୩	ପଥର	୨୦	୪୫	୧.୨୫	୬୨,୫୦୦
୧୩	ଘରଘରାଳ	୦୫/୦୪/୧୩	ପଥର	୨୮	୭୭ (ପି)	୧.୦୦	୫୦,୦୦୦
୧୪	ଡାଲିଆପାଲି	୦୫/୦୪/୧୩	ବାଲି	୧	୨୦୧୭	୦.୫୦	୨,୫୦,୦୦୦
ସ୍ୱା./- ତାଲୁକ ଅଧିକାରୀ, ଦେଓଗାଁ
